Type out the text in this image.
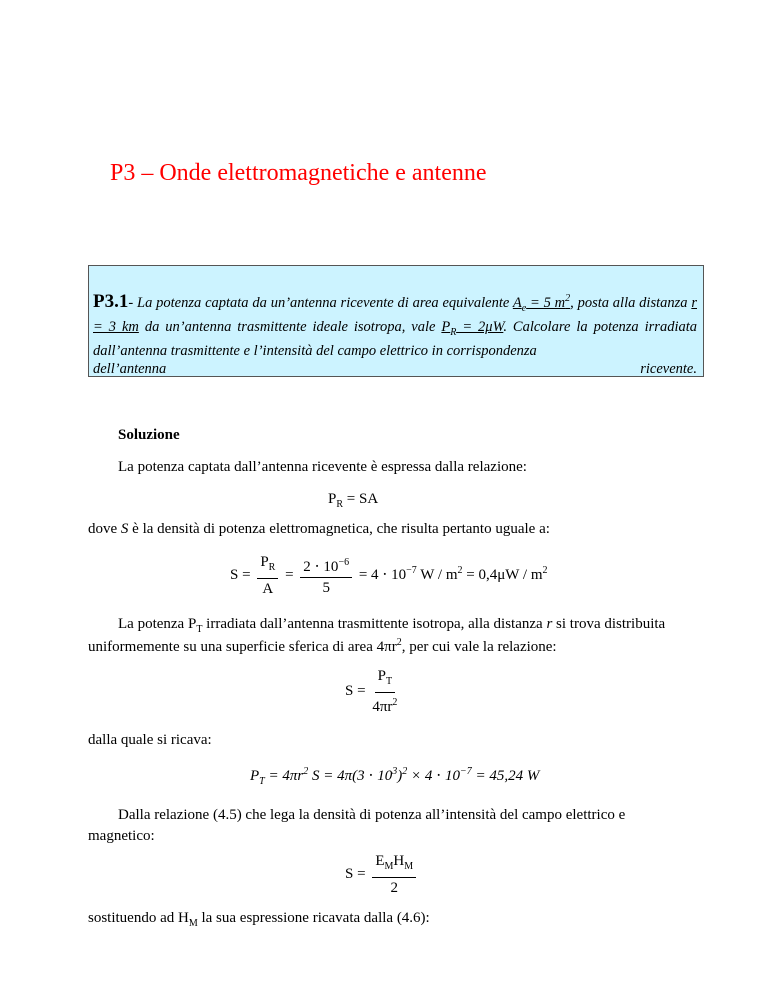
P3 – Onde elettromagnetiche e antenne
P3.1- La potenza captata da un’antenna ricevente di area equivalente $A_e = 5$ $m^2$, posta alla distanza r = 3 km da un’antenna trasmittente ideale isotropa, vale $P_R = 2\mu W$. Calcolare la potenza irradiata dall’antenna trasmittente e l’intensità del campo elettrico in corrispondenza
dell’antenna	ricevente.
Soluzione
La potenza captata dall’antenna ricevente è espressa dalla relazione:
$P_R$ = SA
dove S è la densità di potenza elettromagnetica, che risulta pertanto uguale a:
$S = \frac{P_R}{A} = \frac{2 \cdot 10^{-6}}{5} = 4 \cdot 10^{-7}$ $W / m^2 = 0,4\mu W / m^2$
La potenza $P_T$ irradiata dall’antenna trasmittente isotropa, alla distanza r si trova distribuita
uniformemente su una superficie sferica di area $4\pi r^2$, per cui vale la relazione:
$S = \frac{P_T}{4\pi r^2}$
dalla quale si ricava:
$P_T = 4\pi r^2$ $S = 4\pi(3 \cdot 10^3)^2 \times 4 \cdot 10^{-7} = 45,24$ W
Dalla relazione (4.5) che lega la densità di potenza all’intensità del campo elettrico e
magnetico:
$S = \frac{E_MH_M}{2}$
sostituendo ad $H_M$ la sua espressione ricavata dalla (4.6):
